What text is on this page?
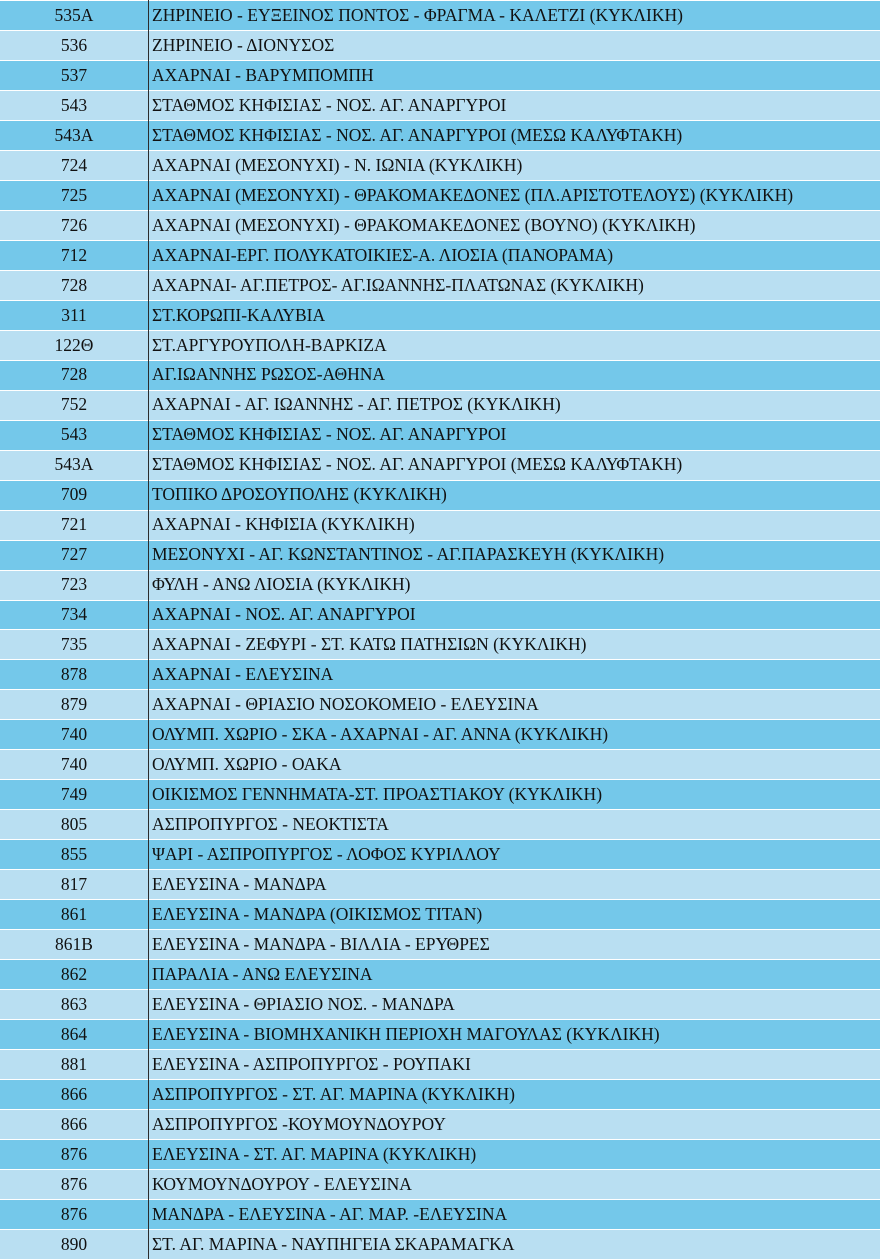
535Α	ΖΗΡΙΝΕΙΟ - ΕΥΞΕΙΝΟΣ ΠΟΝΤΟΣ - ΦΡΑΓΜΑ - ΚΑΛΕΤΖΙ (ΚΥΚΛΙΚΗ)
536	ΖΗΡΙΝΕΙΟ - ΔΙΟΝΥΣΟΣ
537	ΑΧΑΡΝΑΙ - ΒΑΡΥΜΠΟΜΠΗ
543	ΣΤΑΘΜΟΣ ΚΗΦΙΣΙΑΣ - ΝΟΣ. ΑΓ. ΑΝΑΡΓΥΡΟΙ
543Α	ΣΤΑΘΜΟΣ ΚΗΦΙΣΙΑΣ - ΝΟΣ. ΑΓ. ΑΝΑΡΓΥΡΟΙ (ΜΕΣΩ ΚΑΛΥΦΤΑΚΗ)
724	ΑΧΑΡΝΑΙ (ΜΕΣΟΝΥΧΙ) - Ν. ΙΩΝΙΑ (ΚΥΚΛΙΚΗ)
725	ΑΧΑΡΝΑΙ (ΜΕΣΟΝΥΧΙ) - ΘΡΑΚΟΜΑΚΕΔΟΝΕΣ (ΠΛ.ΑΡΙΣΤΟΤΕΛΟΥΣ) (ΚΥΚΛΙΚΗ)
726	ΑΧΑΡΝΑΙ (ΜΕΣΟΝΥΧΙ) - ΘΡΑΚΟΜΑΚΕΔΟΝΕΣ (ΒΟΥΝΟ) (ΚΥΚΛΙΚΗ)
712	ΑΧΑΡΝΑΙ-ΕΡΓ. ΠΟΛΥΚΑΤΟΙΚΙΕΣ-Α. ΛΙΟΣΙΑ (ΠΑΝΟΡΑΜΑ)
728	ΑΧΑΡΝΑΙ- ΑΓ.ΠΕΤΡΟΣ- ΑΓ.ΙΩΑΝΝΗΣ-ΠΛΑΤΩΝΑΣ (ΚΥΚΛΙΚΗ)
311	ΣΤ.ΚΟΡΩΠΙ-ΚΑΛΥΒΙΑ
122Θ	ΣΤ.ΑΡΓΥΡΟΥΠΟΛΗ-ΒΑΡΚΙΖΑ
728	ΑΓ.ΙΩΑΝΝΗΣ ΡΩΣΟΣ-ΑΘΗΝΑ
752	ΑΧΑΡΝΑΙ - ΑΓ. ΙΩΑΝΝΗΣ - ΑΓ. ΠΕΤΡΟΣ (ΚΥΚΛΙΚΗ)
543	ΣΤΑΘΜΟΣ ΚΗΦΙΣΙΑΣ - ΝΟΣ. ΑΓ. ΑΝΑΡΓΥΡΟΙ
543Α	ΣΤΑΘΜΟΣ ΚΗΦΙΣΙΑΣ - ΝΟΣ. ΑΓ. ΑΝΑΡΓΥΡΟΙ (ΜΕΣΩ ΚΑΛΥΦΤΑΚΗ)
709	ΤΟΠΙΚΟ ΔΡΟΣΟΥΠΟΛΗΣ (ΚΥΚΛΙΚΗ)
721	ΑΧΑΡΝΑΙ - ΚΗΦΙΣΙΑ (ΚΥΚΛΙΚΗ)
727	ΜΕΣΟΝΥΧΙ - ΑΓ. ΚΩΝΣΤΑΝΤΙΝΟΣ - ΑΓ.ΠΑΡΑΣΚΕΥΗ (ΚΥΚΛΙΚΗ)
723	ΦΥΛΗ - ΑΝΩ ΛΙΟΣΙΑ (ΚΥΚΛΙΚΗ)
734	ΑΧΑΡΝΑΙ - ΝΟΣ. ΑΓ. ΑΝΑΡΓΥΡΟΙ
735	ΑΧΑΡΝΑΙ - ΖΕΦΥΡΙ - ΣΤ. ΚΑΤΩ ΠΑΤΗΣΙΩΝ (ΚΥΚΛΙΚΗ)
878	ΑΧΑΡΝΑΙ - ΕΛΕΥΣΙΝΑ
879	ΑΧΑΡΝΑΙ - ΘΡΙΑΣΙΟ ΝΟΣΟΚΟΜΕΙΟ - ΕΛΕΥΣΙΝΑ
740	ΟΛΥΜΠ. ΧΩΡΙΟ - ΣΚΑ - ΑΧΑΡΝΑΙ - ΑΓ. ΑΝΝΑ (ΚΥΚΛΙΚΗ)
740	ΟΛΥΜΠ. ΧΩΡΙΟ - ΟΑΚΑ
749	ΟΙΚΙΣΜΟΣ ΓΕΝΝΗΜΑΤΑ-ΣΤ. ΠΡΟΑΣΤΙΑΚΟΥ (ΚΥΚΛΙΚΗ)
805	ΑΣΠΡΟΠΥΡΓΟΣ - ΝΕΟΚΤΙΣΤΑ
855	ΨΑΡΙ - ΑΣΠΡΟΠΥΡΓΟΣ - ΛΟΦΟΣ ΚΥΡΙΛΛΟΥ
817	ΕΛΕΥΣΙΝΑ - ΜΑΝΔΡΑ
861	ΕΛΕΥΣΙΝΑ - ΜΑΝΔΡΑ (ΟΙΚΙΣΜΟΣ ΤΙΤΑΝ)
861Β	ΕΛΕΥΣΙΝΑ - ΜΑΝΔΡΑ - ΒΙΛΛΙΑ - ΕΡΥΘΡΕΣ
862	ΠΑΡΑΛΙΑ - ΑΝΩ ΕΛΕΥΣΙΝΑ
863	ΕΛΕΥΣΙΝΑ - ΘΡΙΑΣΙΟ ΝΟΣ. - ΜΑΝΔΡΑ
864	ΕΛΕΥΣΙΝΑ - ΒΙΟΜΗΧΑΝΙΚΗ ΠΕΡΙΟΧΗ ΜΑΓΟΥΛΑΣ (ΚΥΚΛΙΚΗ)
881	ΕΛΕΥΣΙΝΑ - ΑΣΠΡΟΠΥΡΓΟΣ - ΡΟΥΠΑΚΙ
866	ΑΣΠΡΟΠΥΡΓΟΣ - ΣΤ. ΑΓ. ΜΑΡΙΝΑ (ΚΥΚΛΙΚΗ)
866	ΑΣΠΡΟΠΥΡΓΟΣ -ΚΟΥΜΟΥΝΔΟΥΡΟΥ
876	ΕΛΕΥΣΙΝΑ - ΣΤ. ΑΓ. ΜΑΡΙΝΑ (ΚΥΚΛΙΚΗ)
876	ΚΟΥΜΟΥΝΔΟΥΡΟΥ - ΕΛΕΥΣΙΝΑ
876	ΜΑΝΔΡΑ - ΕΛΕΥΣΙΝΑ - ΑΓ. ΜΑΡ. -ΕΛΕΥΣΙΝΑ
890	ΣΤ. ΑΓ. ΜΑΡΙΝΑ - ΝΑΥΠΗΓΕΙΑ ΣΚΑΡΑΜΑΓΚΑ
